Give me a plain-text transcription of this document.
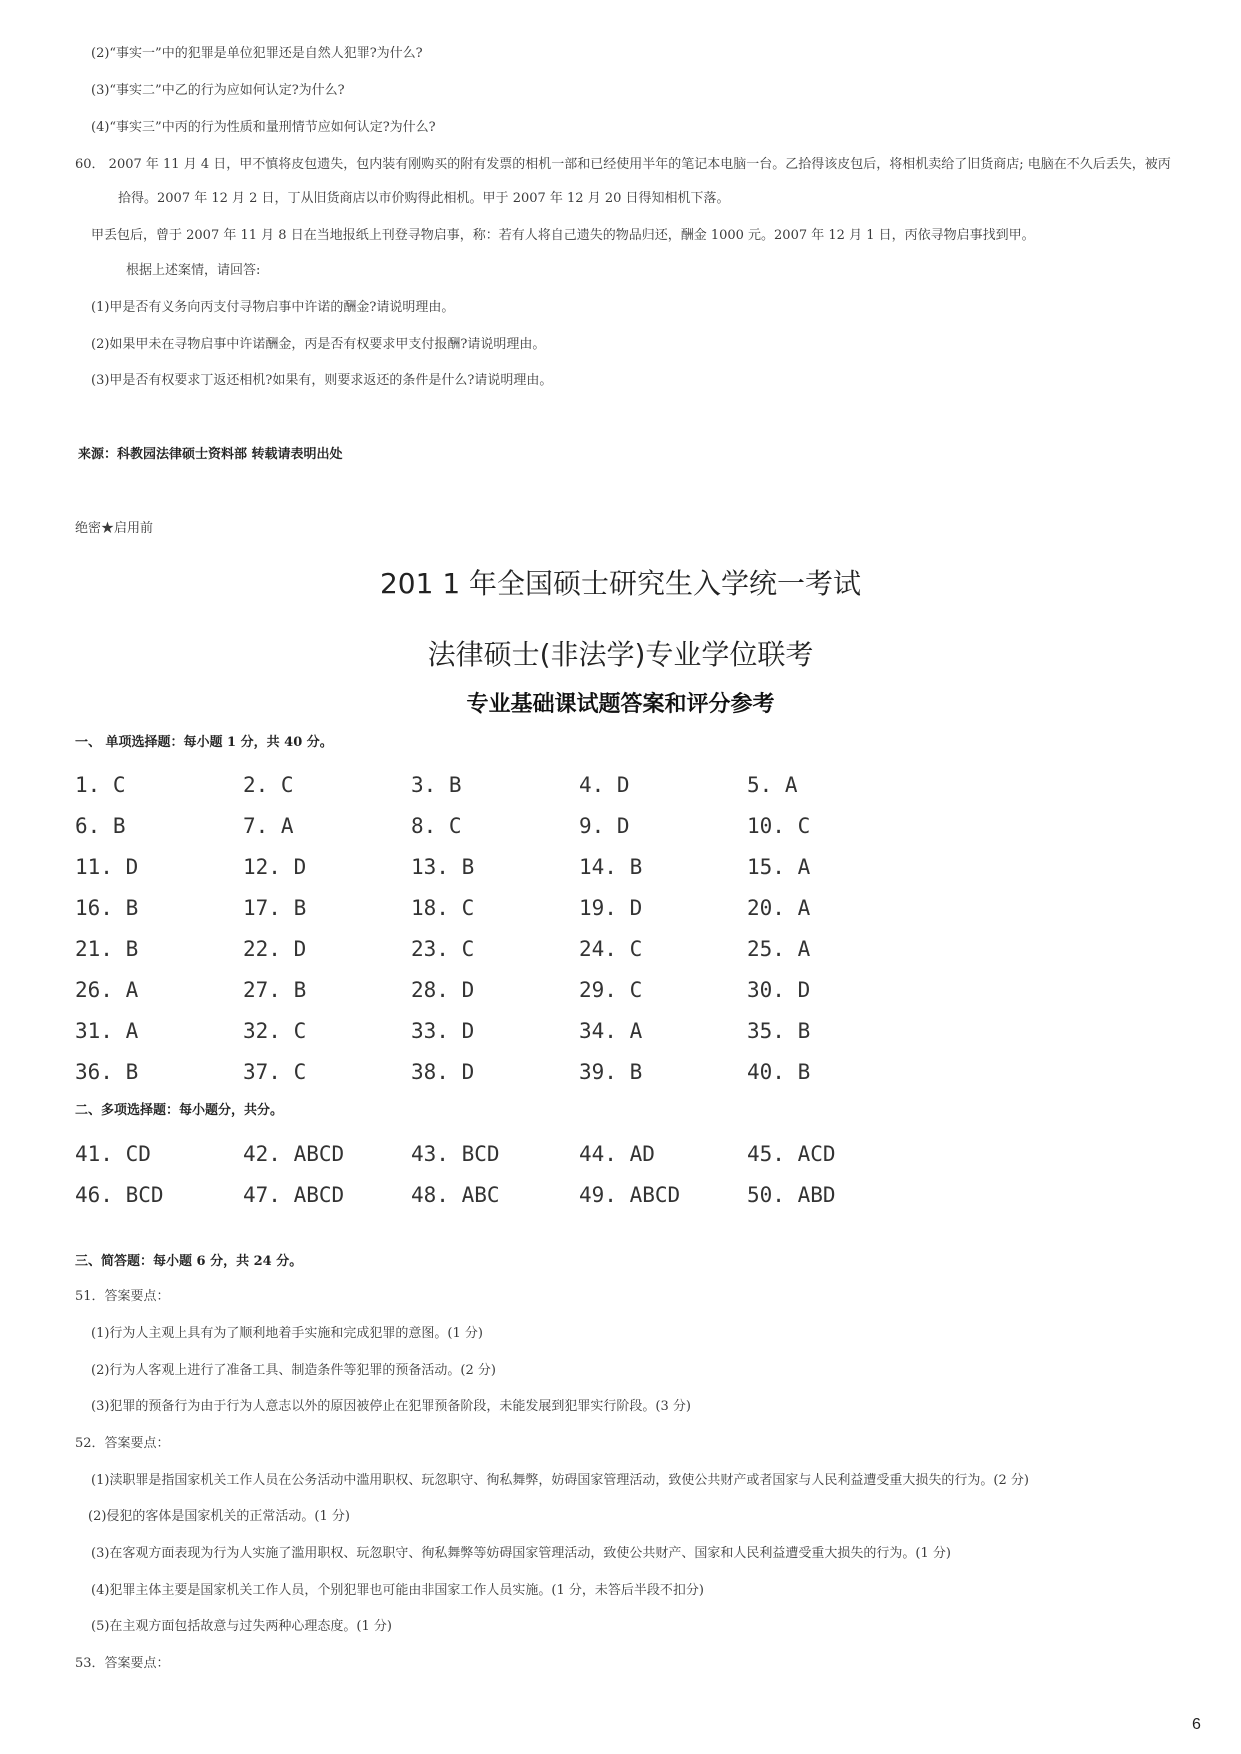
(2)“事实一”中的犯罪是单位犯罪还是自然人犯罪?为什么?
(3)“事实二”中乙的行为应如何认定?为什么?
(4)“事实三”中丙的行为性质和量刑情节应如何认定?为什么?
60． 2007 年 11 月 4 日，甲不慎将皮包遗失，包内装有刚购买的附有发票的相机一部和已经使用半年的笔记本电脑一台。乙拾得该皮包后，将相机卖给了旧货商店; 电脑在不久后丢失，被丙
拾得。2007 年 12 月 2 日，丁从旧货商店以市价购得此相机。甲于 2007 年 12 月 20 日得知相机下落。
甲丢包后，曾于 2007 年 11 月 8 日在当地报纸上刊登寻物启事，称：若有人将自己遗失的物品归还，酬金 1000 元。2007 年 12 月 1 日，丙依寻物启事找到甲。
根据上述案情，请回答:
(1)甲是否有义务向丙支付寻物启事中许诺的酬金?请说明理由。
(2)如果甲未在寻物启事中许诺酬金，丙是否有权要求甲支付报酬?请说明理由。
(3)甲是否有权要求丁返还相机?如果有，则要求返还的条件是什么?请说明理由。
来源：科教园法律硕士资料部 转载请表明出处
绝密★启用前
201 1 年全国硕士研究生入学统一考试
法律硕士(非法学)专业学位联考
专业基础课试题答案和评分参考
一、 单项选择题：每小题 1 分，共 40 分。
1. C	2. C	3. B	4. D	5. A
6. B	7. A	8. C	9. D	10. C
11. D	12. D	13. B	14. B	15. A
16. B	17. B	18. C	19. D	20. A
21. B	22. D	23. C	24. C	25. A
26. A	27. B	28. D	29. C	30. D
31. A	32. C	33. D	34. A	35. B
36. B	37. C	38. D	39. B	40. B
二、多项选择题：每小题分，共分。
41. CD	42. ABCD	43. BCD	44. AD	45. ACD
46. BCD	47. ABCD	48. ABC	49. ABCD	50. ABD
三、简答题：每小题 6 分，共 24 分。
51．答案要点：
(1)行为人主观上具有为了顺利地着手实施和完成犯罪的意图。(1 分)
(2)行为人客观上进行了准备工具、制造条件等犯罪的预备活动。(2 分)
(3)犯罪的预备行为由于行为人意志以外的原因被停止在犯罪预备阶段，未能发展到犯罪实行阶段。(3 分)
52．答案要点：
(1)渎职罪是指国家机关工作人员在公务活动中滥用职权、玩忽职守、徇私舞弊，妨碍国家管理活动，致使公共财产或者国家与人民利益遭受重大损失的行为。(2 分)
(2)侵犯的客体是国家机关的正常活动。(1 分)
(3)在客观方面表现为行为人实施了滥用职权、玩忽职守、徇私舞弊等妨碍国家管理活动，致使公共财产、国家和人民利益遭受重大损失的行为。(1 分)
(4)犯罪主体主要是国家机关工作人员，个别犯罪也可能由非国家工作人员实施。(1 分，未答后半段不扣分)
(5)在主观方面包括故意与过失两种心理态度。(1 分)
53．答案要点：
6
